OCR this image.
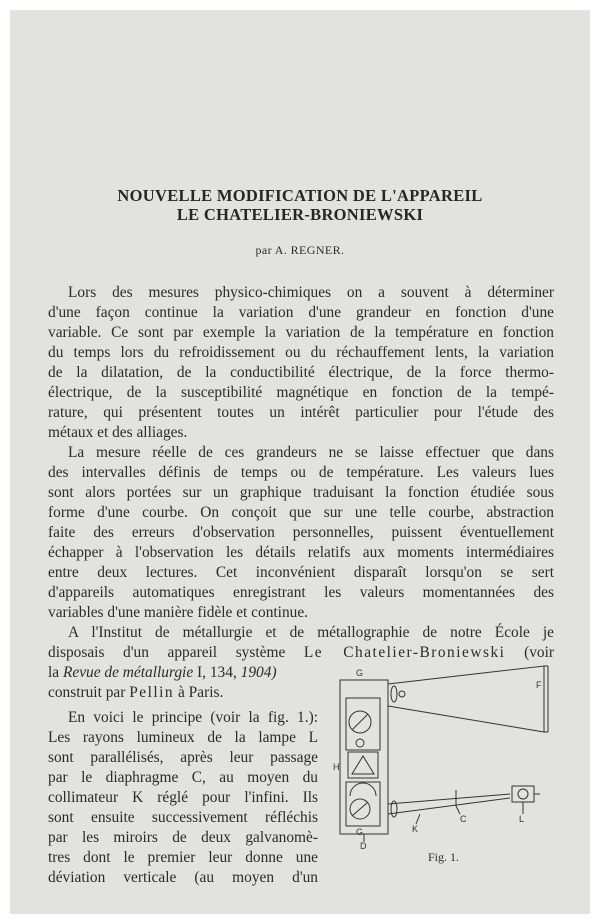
NOUVELLE MODIFICATION DE L'APPAREIL
LE CHATELIER-BRONIEWSKI
par A. REGNER.
Lors des mesures physico-chimiques on a souvent à déterminer
d'une façon continue la variation d'une grandeur en fonction d'une
variable. Ce sont par exemple la variation de la température en fonction
du temps lors du refroidissement ou du réchauffement lents, la variation
de la dilatation, de la conductibilité électrique, de la force thermo-
électrique, de la susceptibilité magnétique en fonction de la tempé-
rature, qui présentent toutes un intérêt particulier pour l'étude des
métaux et des alliages.
La mesure réelle de ces grandeurs ne se laisse effectuer que dans
des intervalles définis de temps ou de température. Les valeurs lues
sont alors portées sur un graphique traduisant la fonction étudiée sous
forme d'une courbe. On conçoit que sur une telle courbe, abstraction
faite des erreurs d'observation personnelles, puissent éventuellement
échapper à l'observation les détails relatifs aux moments intermédiaires
entre deux lectures. Cet inconvénient disparaît lorsqu'on se sert
d'appareils automatiques enregistrant les valeurs momentannées des
variables d'une manière fidèle et continue.
A l'Institut de métallurgie et de métallographie de notre École je
disposais d'un appareil système Le Chatelier-Broniewski (voir
la Revue de métallurgie I, 134, 1904)
construit par Pellin à Paris.
En voici le principe (voir la fig. 1.):
Les rayons lumineux de la lampe L
sont parallélisés, après leur passage
par le diaphragme C, au moyen du
collimateur K réglé pour l'infini. Ils
sont ensuite successivement réfléchis
par les miroirs de deux galvanomè-
tres dont le premier leur donne une
déviation verticale (au moyen d'un
G
F
H
G	K
C	L
D
Fig. 1.
